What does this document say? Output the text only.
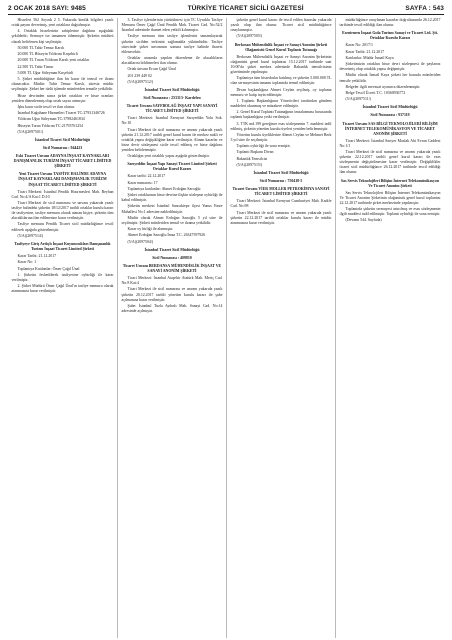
2 OCAK 2018 SAYI: 9485	TÜRKİYE TİCARET SİCİLİ GAZETESİ	SAYFA : 543

Hisseleri 562 Soyadı 2 5. Yukarıda kimlik bilgileri yazılı ortak payını devretmiş, yeni ortaklara dağıtılmıştır.

4. Ortaklık hisselerinin sahiplerine dağılımı aşağıdaki şekildedir; Sermaye ise tamamen ödenmiştir. Şirketin müdürü olarak belirlenen kişi seçilmiştir.

50.000 TL Tahir Temur Karslı

20.000 TL Hüseyin Yıldırım Kırşehirli

20.000 TL Turan Yıldırım Karslı yeni ortaklar

22.500 TL Tahir Timur

5.000 TL Uğur Süleyman Kırşehirli

5. Şirket müdürlüğüne ilan bir karar ile temsil ve ilzam olunacaktır. Müdür: Tahir Temur Karslı, süresiz müdür seçilmiştir. Şirket her türlü işlemde münferiden temsile yetkilidir.

Hisse devrinden sonra şirket ortakları ve hisse oranları yeniden düzenlenmiş olup ortak sayısı artmıştır.

İşbu karar sicile tescil ve ilan olunur.

İstanbul Kağıthane Hizmetleri Ticaret TC:27931346726

Yıldırım Uğur Süleyman TC:37982461834

Hüseyin Turan Yıldırım TC:21793761254

(5/A)(2097501/)

İstanbul Ticaret Sicil Müdürlüğü

Sicil Numarası : 944423

Eski Ticaret Unvanı ADAYNA İNŞAAT KAYNAKLARI DANIŞMANLIK TURİZM İNŞAAT TİCARET LİMİTED ŞİRKETİ

Yeni Ticaret Unvanı TASFİYE HALİNDE ADAYNA İNŞAAT KAYNAKLARI DANIŞMANLIK TURİZM İNŞAAT TİCARET LİMİTED ŞİRKETİ

Ticari Merkezi: İstanbul Pendik Hızırmesleri Mah. Reyhan Cad. No:4/A Kat:1 D:10

Ticari Merkezi ile sicil numarası ve unvanı yukarıda yazılı tasfiye halindeki şirketin 18/12/2017 tarihli ortaklar kurulu kararı ile tasfiyesine, tasfiye memuru olarak atanan kişiye, şirketin tüm alacaklılarına ilan edilmesine karar verilmiştir.

Tasfiye memuru Pendik Ticaret sicil müdürlüğünce tescil edilerek aşağıda gösterilmiştir.

(5/A)(2097514/)

Tasfiyeye Giriş Ardıçlı İnşaat Kuyumcukları Danışmanlık Turizm İnşaat Ticaret Limited Şirketi

Karar Tarihi: 21.12.2017

Karar No: 1

Toplantıya Katılanlar: Ömer Çağıl Ünal

1. Şirketin feshedilerek tasfiyesine oybirliği ile karar verilmiştir.

2. Şirket Müdürü Ömer Çağıl Ünal'ın tasfiye memuru olarak atanmasına karar verilmiştir.

3. Tasfiye işlemlerinin yürütülmesi için TC Uyruklu Tasfiye Memuru Ömer Çağıl Ünal Pendik Mah. Ticaret Cad. No:52/2 İstanbul adresinde ikamet eden yetkili kılınmıştır.

Tasfiye memuru tüm tasfiye işlemlerini tamamlayarak şirketin sicilden terkinini sağlamakla yükümlüdür. Tasfiye sürecinde şirket unvanının sonuna tasfiye halinde ibaresi eklenecektir.

Ortaklar arasında yapılan düzenleme ile alacaklıların alacaklarını bildirmeleri ilan olunur.

Ortak ünvanı Ercan Çağıl Ünal

201 239 449 02

(5/A)(2097512/)

İstanbul Ticaret Sicil Müdürlüğü

Sicil Numarası : 253313- Kardelen

Ticaret Unvanı SAYFBOLAĞ İNŞAAT YAPI SANAYİ TİCARET LİMİTED ŞİRKETİ

Ticari Merkezi: İstanbul Esenyurt Sarıyeddin Yolu Sok. No:10

Ticari Merkezi ile sicil numarası ve unvanı yukarıda yazılı şirketin 21.12.2017 tarihli genel kurul kararı ile merkez nakli ve ortaklık yapısı değişikliğine karar verilmiştir. Alınan kararlar ve hisse devir sözleşmesi sicile tescil edilmiş ve hisse dağılımı yeniden belirlenmiştir.

Ortaklığın yeni ortaklık yapısı aşağıda gösterilmiştir.

Sarıyeddin İnşaat Yapı Sanayi Ticaret Limited Şirketi Ortaklar Kurul Kararı

Karar tarihi: 22.12.2017

Karar numarası: 17

Toplantıya katılanlar: Ahmet Erdoğan Sarıoğlu

Şirket ortaklarının hisse devrine ilişkin sözleşme oybirliği ile kabul edilmiştir.

Şirketin merkezi İstanbul Sancaktepe ilçesi Yunus Emre Mahallesi No:1 adresine nakledilmiştir.

Müdür olarak Ahmet Erdoğan Sarıoğlu 5 yıl süre ile seçilmiştir. Şirketi münferiden temsil ve ilzama yetkilidir.

Karar oy birliği ile alınmıştır.

Ahmet Erdoğan Sarıoğlu İmza T.C. 26347597926

(5/A)(2097504/)

İstanbul Ticaret Sicil Müdürlüğü

Sicil Numarası : 409810

Ticaret Unvanı BERDANSA MÜHENDİSLİK İNŞAAT VE SANAYİ ANONİM ŞİRKETİ

Ticari Merkezi: İstanbul Ataşehir Atatürk Mah. Meriç Cad. No:8 Kat:4

Ticari Merkezi ile sicil numarası ve unvanı yukarıda yazılı şirketin 20.12.2017 tarihli yönetim kurulu kararı ile şube açılmasına karar verilmiştir.

Şube: İstanbul Tuzla Aydınlı Mah. Sanayi Cad. No:14 adresinde açılmıştır.

şirketin genel kurul kararı ile tescil edilen hususlar yukarıda yazılı olup ilan olunur. Ticaret sicil müdürlüğünce onaylanmıştır.

(5/A)(2097505/)

Berkosan Mühendislik İnşaat ve Sanayi Anonim Şirketi Olağanüstü Genel Kurul Toplantı Tutanağı

Berkosan Mühendislik İnşaat ve Sanayi Anonim Şirketinin olağanüstü genel kurul toplantısı 15.12.2017 tarihinde saat 10:00'da şirket merkez adresinde Bakanlık temsilcisinin gözetiminde yapılmıştır.

Toplantıya tüm hissedarlar katılmış ve şirketin 5.000.000 TL olan sermayesinin tamamı toplantıda temsil edilmiştir.

Divan başkanlığına Ahmet Ceylan seçilmiş, oy toplama memuru ve katip tayin edilmiştir.

1. Toplantı Başkanlığının Yöneticileri tarafından gündem maddeleri okunmuş ve müzakere edilmiştir.

2. Genel Kurul Toplantı Tutanağının imzalanması hususunda toplantı başkanlığına yetki verilmiştir.

3. TTK md.199 gereğince esas sözleşmenin 7. maddesi tadil edilmiş, şirketin yönetim kurulu üyeleri yeniden belirlenmiştir.

Yönetim kurulu üyeliklerine Ahmet Ceylan ve Mehmet Berk 3 yıl süre ile seçilmiştir.

Toplantı oybirliği ile sona ermiştir.

Toplantı Başkanı Divan

Bakanlık Temsilcisi

(5/A)(2097515/)

İstanbul Ticaret Sicil Müdürlüğü

Sicil Numarası : 750418-5

Ticaret Unvanı VİER MOLLER PETROKİMYA SANAYİ TİCARET LİMİTED ŞİRKETİ

Ticari Merkezi: İstanbul Esenyurt Cumhuriyet Mah. Kadife Cad. No:98

Ticari Merkezi ile sicil numarası ve unvanı yukarıda yazılı şirketin 22.12.2017 tarihli ortaklar kurulu kararı ile müdür atanmasına karar verilmiştir.

müdürlüğünce onaylanan kararlar doğrultusunda 26.12.2017 tarihinde tescil edildiği ilan olunur.

Esenirmen İnşaat Gıda Turizm Sanayi ve Ticaret Ltd. Şti. Ortaklar Kurulu Kararı

Karar No: 2017/1

Karar Tarihi: 21.12.2017

Katılanlar: Müdür İsmail Kaya

Şirketimizin ortakları hisse devri sözleşmesi ile paylarını devretmiş olup ortaklık yapısı değişmiştir.

Müdür olarak İsmail Kaya şirketi her konuda münferiden temsile yetkilidir.

Belgeler ilgili mevzuat uyarınca düzenlenmiştir.

Belge Tescil Ücreti T.C. 10360936772

(5/A)(2097511/)

İstanbul Ticaret Sicil Müdürlüğü

Sicil Numarası : 937119

Ticaret Unvanı SAS BİLGİ TEKNOLOJİLERİ BİLİŞİM İNTERNET TELEKOMÜNİKASYON VE TİCARET ANONİM ŞİRKETİ

Ticari Merkezi: İstanbul Sarıyer Maslak Ahi Evran Caddesi No:1/1

Ticari Merkezi ile sicil numarası ve unvanı yukarıda yazılı şirketin 22.12.2017 tarihli genel kurul kararı ile esas sözleşmenin değiştirilmesine karar verilmiştir. Değişiklikler ticaret sicil müdürlüğünce 26.12.2017 tarihinde tescil edildiği ilan olunur.

Sas Servis Teknolojileri Bilişim İnternet Telekomünikasyon Ve Ticaret Anonim Şirketi

Sas Servis Teknolojileri Bilişim İnternet Telekomünikasyon Ve Ticaret Anonim Şirketinin olağanüstü genel kurul toplantısı 22.12.2017 tarihinde şirket merkezinde yapılmıştır.

Toplantıda şirketin sermayesi artırılmış ve esas sözleşmenin ilgili maddesi tadil edilmiştir. Toplantı oybirliği ile sona ermiştir.

(Devamı 544. Sayfada)
